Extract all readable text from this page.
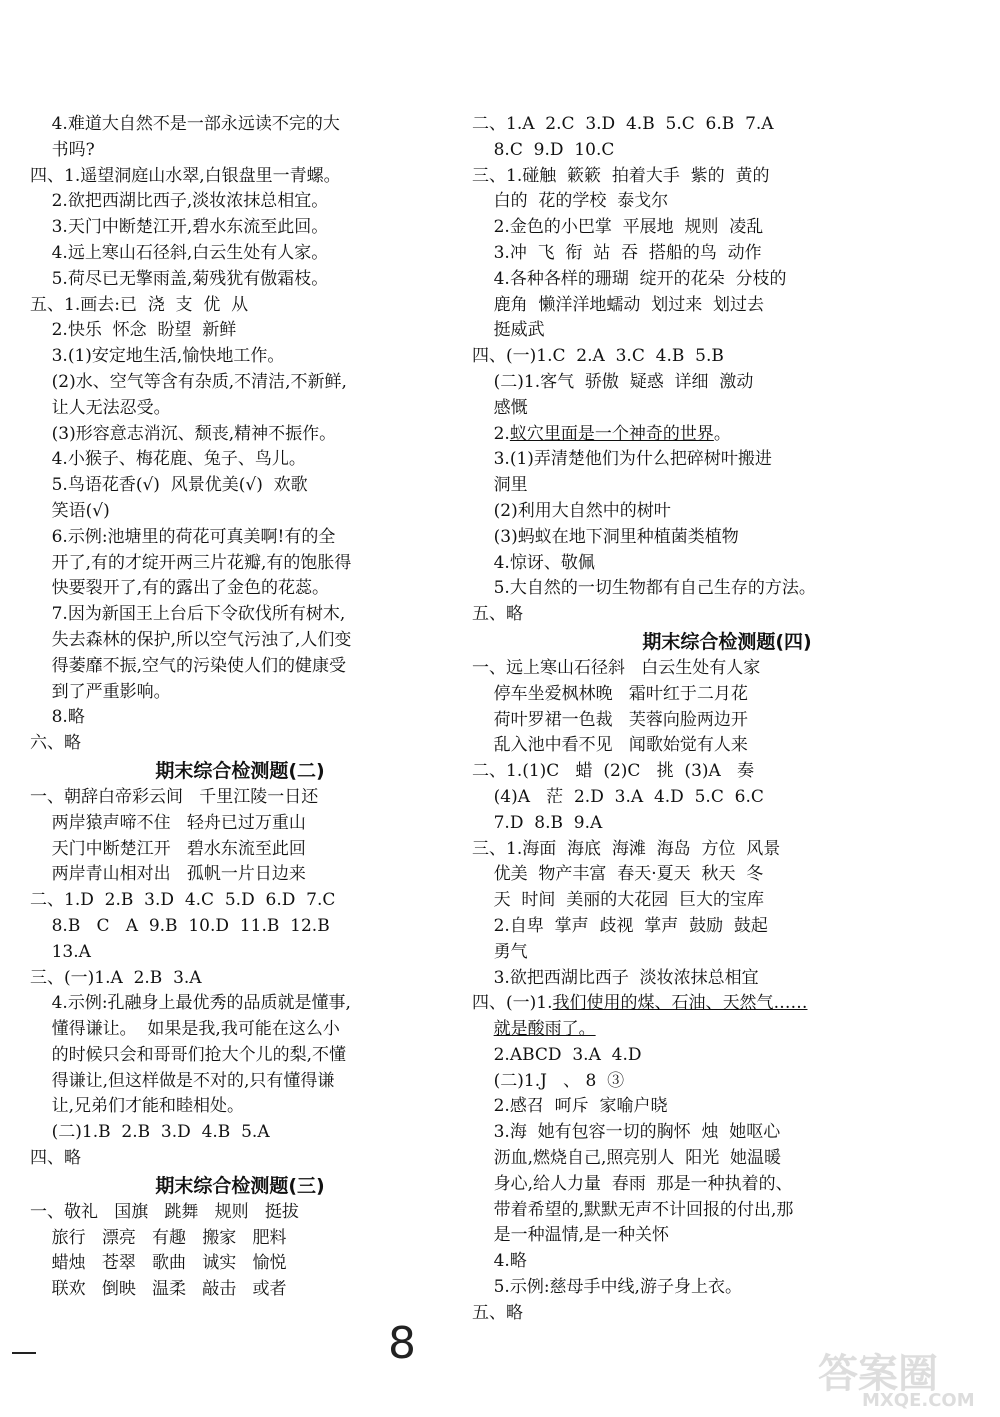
4.难道大自然不是一部永远读不完的大
书吗?
四、1.遥望洞庭山水翠,白银盘里一青螺。
2.欲把西湖比西子,淡妆浓抹总相宜。
3.天门中断楚江开,碧水东流至此回。
4.远上寒山石径斜,白云生处有人家。
5.荷尽已无擎雨盖,菊残犹有傲霜枝。
五、1.画去:已  浇  支  优  从
2.快乐  怀念  盼望  新鲜
3.(1)安定地生活,愉快地工作。
(2)水、空气等含有杂质,不清洁,不新鲜,
让人无法忍受。
(3)形容意志消沉、颓丧,精神不振作。
4.小猴子、梅花鹿、兔子、鸟儿。
5.鸟语花香(√)  风景优美(√)  欢歌
笑语(√)
6.示例:池塘里的荷花可真美啊!有的全
开了,有的才绽开两三片花瓣,有的饱胀得
快要裂开了,有的露出了金色的花蕊。
7.因为新国王上台后下令砍伐所有树木,
失去森林的保护,所以空气污浊了,人们变
得萎靡不振,空气的污染使人们的健康受
到了严重影响。
8.略
六、略
期末综合检测题(二)
一、朝辞白帝彩云间   千里江陵一日还
两岸猿声啼不住   轻舟已过万重山
天门中断楚江开   碧水东流至此回
两岸青山相对出   孤帆一片日边来
二、1.D  2.B  3.D  4.C  5.D  6.D  7.C
8.B   C   A  9.B  10.D  11.B  12.B
13.A
三、(一)1.A  2.B  3.A
4.示例:孔融身上最优秀的品质就是懂事,
懂得谦让。  如果是我,我可能在这么小
的时候只会和哥哥们抢大个儿的梨,不懂
得谦让,但这样做是不对的,只有懂得谦
让,兄弟们才能和睦相处。
(二)1.B  2.B  3.D  4.B  5.A
四、略
期末综合检测题(三)
一、敬礼   国旗   跳舞   规则   挺拔
旅行   漂亮   有趣   搬家   肥料
蜡烛   苍翠   歌曲   诚实   愉悦
联欢   倒映   温柔   敲击   或者
二、1.A  2.C  3.D  4.B  5.C  6.B  7.A
8.C  9.D  10.C
三、1.碰触  簌簌  拍着大手  紫的  黄的
白的  花的学校  泰戈尔
2.金色的小巴掌  平展地  规则  凌乱
3.冲  飞  衔  站  吞  搭船的鸟  动作
4.各种各样的珊瑚  绽开的花朵  分枝的
鹿角  懒洋洋地蠕动  划过来  划过去
挺威武
四、(一)1.C  2.A  3.C  4.B  5.B
(二)1.客气  骄傲  疑惑  详细  激动
感慨
2.蚁穴里面是一个神奇的世界。
3.(1)弄清楚他们为什么把碎树叶搬进
洞里
(2)利用大自然中的树叶
(3)蚂蚁在地下洞里种植菌类植物
4.惊讶、敬佩
5.大自然的一切生物都有自己生存的方法。
五、略
期末综合检测题(四)
一、远上寒山石径斜   白云生处有人家
停车坐爱枫林晚   霜叶红于二月花
荷叶罗裙一色裁   芙蓉向脸两边开
乱入池中看不见   闻歌始觉有人来
二、1.(1)C   蜡  (2)C   挑  (3)A   奏
(4)A   茫  2.D  3.A  4.D  5.C  6.C
7.D  8.B  9.A
三、1.海面  海底  海滩  海岛  方位  风景
优美  物产丰富  春天·夏天  秋天  冬
天  时间  美丽的大花园  巨大的宝库
2.自卑  掌声  歧视  掌声  鼓励  鼓起
勇气
3.欲把西湖比西子  淡妆浓抹总相宜
四、(一)1.我们使用的煤、石油、天然气……
就是酸雨了。
2.ABCD  3.A  4.D
(二)1.J   、 8  ③
2.感召  呵斥  家喻户晓
3.海  她有包容一切的胸怀  烛  她呕心
沥血,燃烧自己,照亮别人  阳光  她温暖
身心,给人力量  春雨  那是一种执着的、
带着希望的,默默无声不计回报的付出,那
是一种温情,是一种关怀
4.略
5.示例:慈母手中线,游子身上衣。
五、略
8
答案圈
MXQE.COM
